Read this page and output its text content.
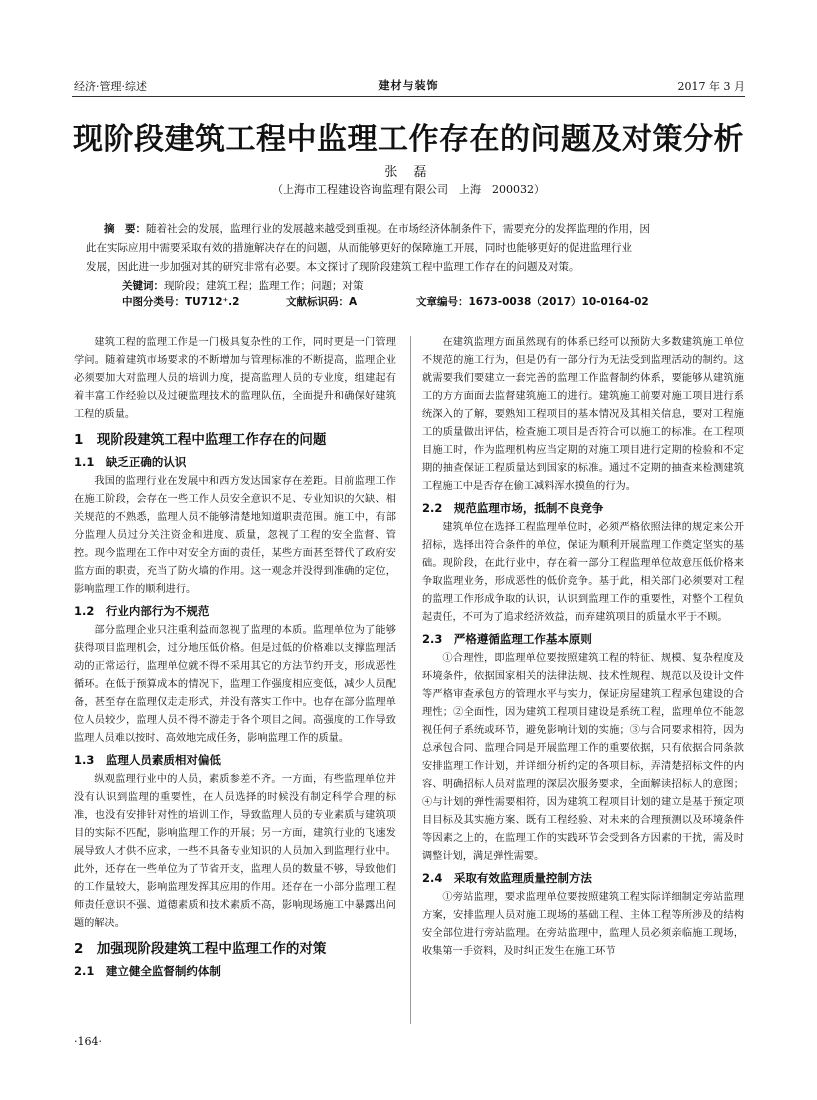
经济·管理·综述	建材与装饰	2017 年 3 月
现阶段建筑工程中监理工作存在的问题及对策分析
张 磊
（上海市工程建设咨询监理有限公司　上海　200032）
摘　要：随着社会的发展，监理行业的发展越来越受到重视。在市场经济体制条件下，需要充分的发挥监理的作用，因
此在实际应用中需要采取有效的措施解决存在的问题，从而能够更好的保障施工开展，同时也能够更好的促进监理行业
发展，因此进一步加强对其的研究非常有必要。本文探讨了现阶段建筑工程中监理工作存在的问题及对策。
关键词：现阶段；建筑工程；监理工作；问题；对策
中图分类号：TU712⁺.2	文献标识码：A	文章编号：1673-0038（2017）10-0164-02

建筑工程的监理工作是一门极具复杂性的工作，同时更是一门管理学问。随着建筑市场要求的不断增加与管理标准的不断提高，监理企业必须要加大对监理人员的培训力度，提高监理人员的专业度，组建起有着丰富工作经验以及过硬监理技术的监理队伍，全面提升和确保好建筑工程的质量。

1　现阶段建筑工程中监理工作存在的问题
1.1　缺乏正确的认识

我国的监理行业在发展中和西方发达国家存在差距。目前监理工作在施工阶段，会存在一些工作人员安全意识不足、专业知识的欠缺、相关规范的不熟悉，监理人员不能够清楚地知道职责范围。施工中，有部分监理人员过分关注资金和进度、质量，忽视了工程的安全监督、管控。现今监理在工作中对安全方面的责任，某些方面甚至替代了政府安监方面的职责，充当了防火墙的作用。这一观念并没得到准确的定位，影响监理工作的顺利进行。

1.2　行业内部行为不规范

部分监理企业只注重利益而忽视了监理的本质。监理单位为了能够获得项目监理机会，过分地压低价格。但是过低的价格难以支撑监理活动的正常运行，监理单位就不得不采用其它的方法节约开支，形成恶性循环。在低于预算成本的情况下，监理工作强度相应变低，减少人员配备，甚至存在监理仅走走形式，并没有落实工作中。也存在部分监理单位人员较少，监理人员不得不游走于各个项目之间。高强度的工作导致监理人员难以按时、高效地完成任务，影响监理工作的质量。

1.3　监理人员素质相对偏低

纵观监理行业中的人员，素质参差不齐。一方面，有些监理单位并没有认识到监理的重要性，在人员选择的时候没有制定科学合理的标准，也没有安排针对性的培训工作，导致监理人员的专业素质与建筑项目的实际不匹配，影响监理工作的开展；另一方面，建筑行业的飞速发展导致人才供不应求，一些不具备专业知识的人员加入到监理行业中。此外，还存在一些单位为了节省开支，监理人员的数量不够，导致他们的工作量较大，影响监理发挥其应用的作用。还存在一小部分监理工程师责任意识不强、道德素质和技术素质不高，影响现场施工中暴露出问题的解决。

2　加强现阶段建筑工程中监理工作的对策
2.1　建立健全监督制约体制

在建筑监理方面虽然现有的体系已经可以预防大多数建筑施工单位不规范的施工行为，但是仍有一部分行为无法受到监理活动的制约。这就需要我们要建立一套完善的监理工作监督制约体系，要能够从建筑施工的方方面面去监督建筑施工的进行。建筑施工前要对施工项目进行系统深入的了解，要熟知工程项目的基本情况及其相关信息，要对工程施工的质量做出评估，检查施工项目是否符合可以施工的标准。在工程项目施工时，作为监理机构应当定期的对施工项目进行定期的检验和不定期的抽查保证工程质量达到国家的标准。通过不定期的抽查来检测建筑工程施工中是否存在偷工减料浑水摸鱼的行为。

2.2　规范监理市场，抵制不良竞争

建筑单位在选择工程监理单位时，必须严格依照法律的规定来公开招标，选择出符合条件的单位，保证为顺利开展监理工作奠定坚实的基础。现阶段，在此行业中，存在着一部分工程监理单位故意压低价格来争取监理业务，形成恶性的低价竞争。基于此，相关部门必须要对工程的监理工作形成争取的认识，认识到监理工作的重要性，对整个工程负起责任，不可为了追求经济效益，而弃建筑项目的质量水平于不顾。

2.3　严格遵循监理工作基本原则

①合理性，即监理单位要按照建筑工程的特征、规模、复杂程度及环境条件，依据国家相关的法律法规、技术性规程、规范以及设计文件等严格审查承包方的管理水平与实力，保证房屋建筑工程承包建设的合理性；②全面性，因为建筑工程项目建设是系统工程，监理单位不能忽视任何子系统或环节，避免影响计划的实施；③与合同要求相符，因为总承包合同、监理合同是开展监理工作的重要依据，只有依据合同条款安排监理工作计划，并详细分析约定的各项目标，弄清楚招标文件的内容、明确招标人员对监理的深层次服务要求，全面解读招标人的意图；④与计划的弹性需要相符，因为建筑工程项目计划的建立是基于预定项目目标及其实施方案、既有工程经验、对未来的合理预测以及环境条件等因素之上的，在监理工作的实践环节会受到各方因素的干扰，需及时调整计划，满足弹性需要。

2.4　采取有效监理质量控制方法

①旁站监理，要求监理单位要按照建筑工程实际详细制定旁站监理方案，安排监理人员对施工现场的基础工程、主体工程等所涉及的结构安全部位进行旁站监理。在旁站监理中，监理人员必须亲临施工现场，收集第一手资料，及时纠正发生在施工环节

·164·
